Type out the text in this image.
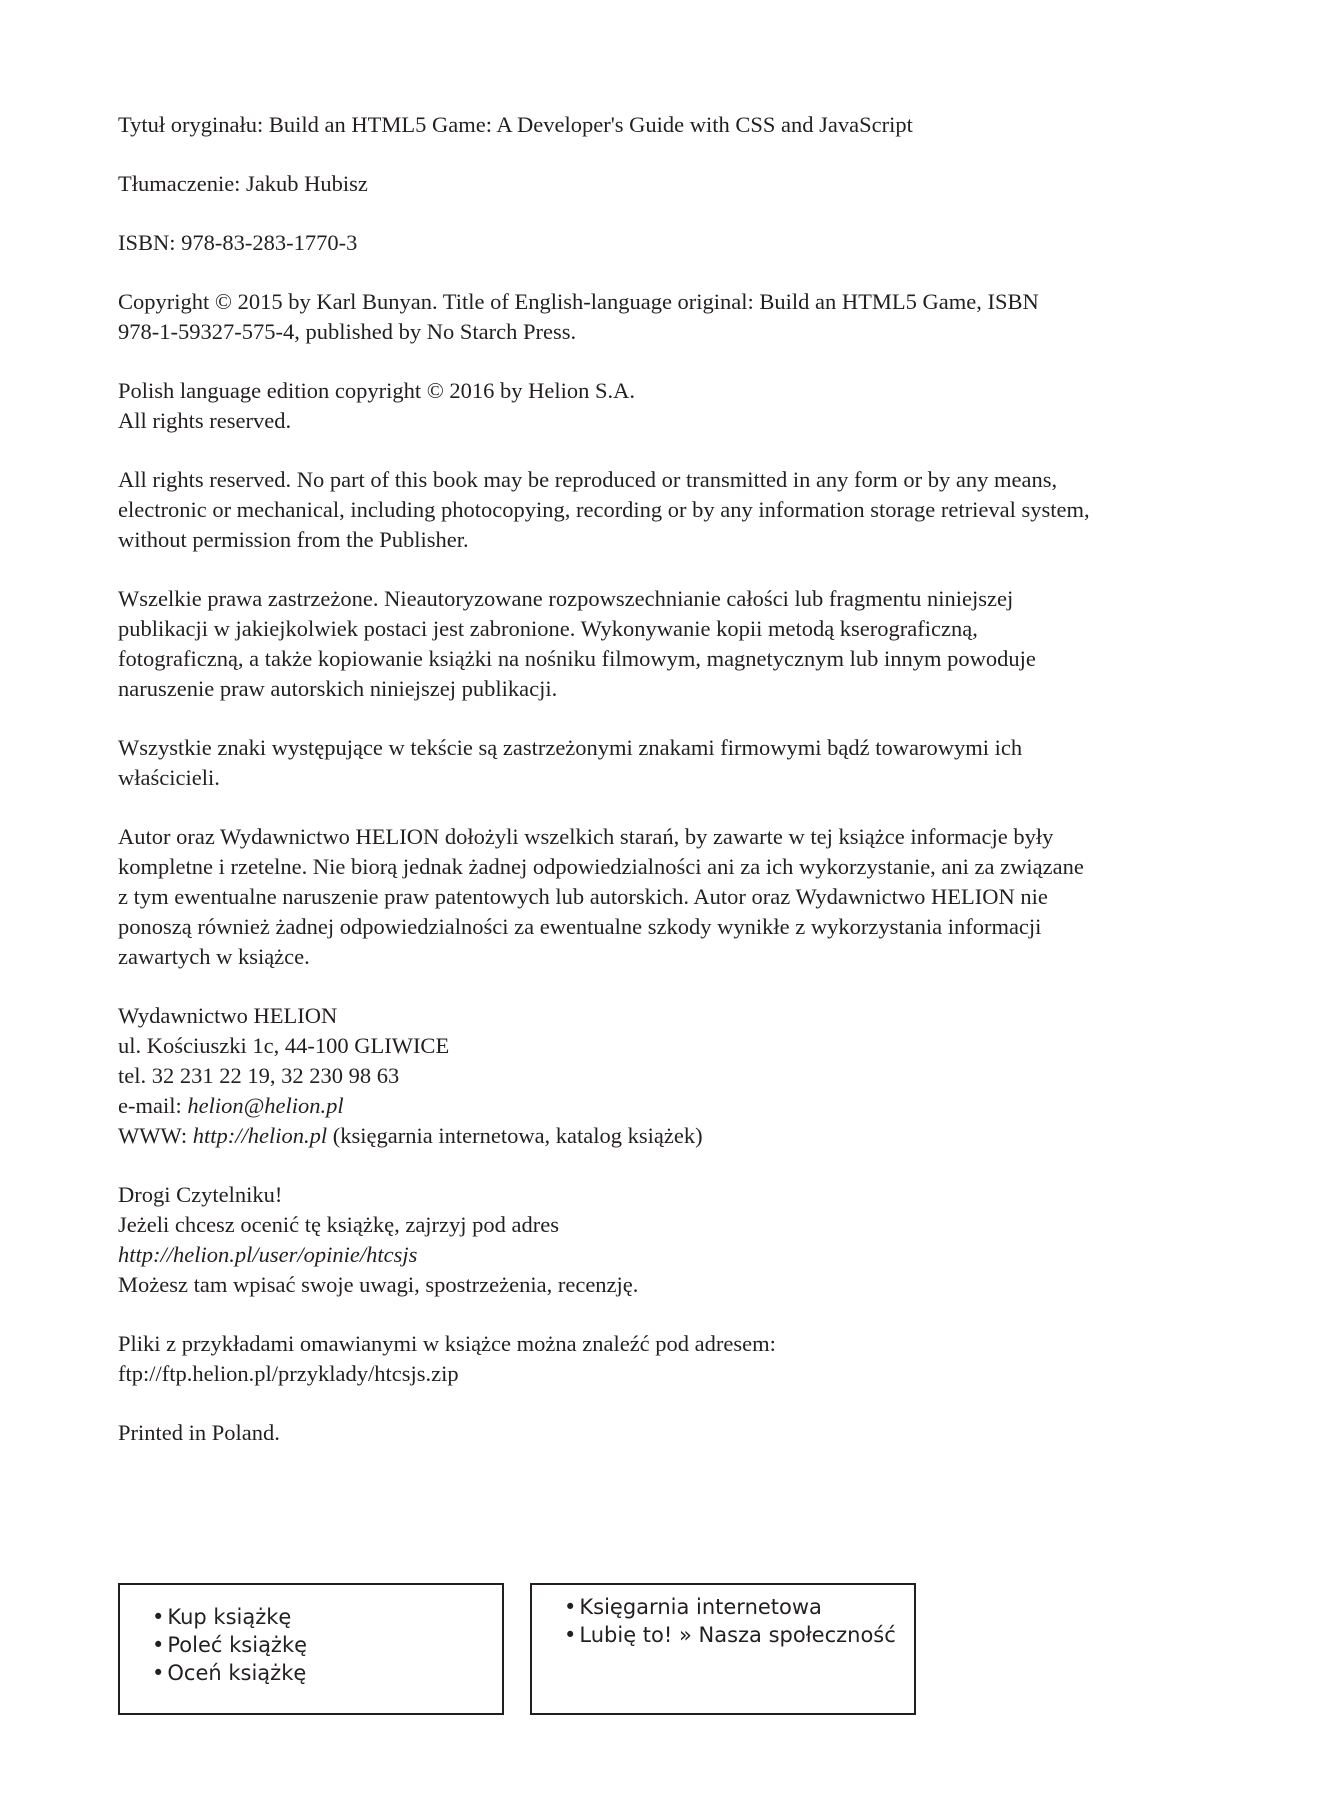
Tytuł oryginału: Build an HTML5 Game: A Developer's Guide with CSS and JavaScript
Tłumaczenie: Jakub Hubisz
ISBN: 978-83-283-1770-3
Copyright © 2015 by Karl Bunyan. Title of English-language original: Build an HTML5 Game, ISBN
978-1-59327-575-4, published by No Starch Press.
Polish language edition copyright © 2016 by Helion S.A.
All rights reserved.
All rights reserved. No part of this book may be reproduced or transmitted in any form or by any means,
electronic or mechanical, including photocopying, recording or by any information storage retrieval system,
without permission from the Publisher.
Wszelkie prawa zastrzeżone. Nieautoryzowane rozpowszechnianie całości lub fragmentu niniejszej
publikacji w jakiejkolwiek postaci jest zabronione. Wykonywanie kopii metodą kserograficzną,
fotograficzną, a także kopiowanie książki na nośniku filmowym, magnetycznym lub innym powoduje
naruszenie praw autorskich niniejszej publikacji.
Wszystkie znaki występujące w tekście są zastrzeżonymi znakami firmowymi bądź towarowymi ich
właścicieli.
Autor oraz Wydawnictwo HELION dołożyli wszelkich starań, by zawarte w tej książce informacje były
kompletne i rzetelne. Nie biorą jednak żadnej odpowiedzialności ani za ich wykorzystanie, ani za związane
z tym ewentualne naruszenie praw patentowych lub autorskich. Autor oraz Wydawnictwo HELION nie
ponoszą również żadnej odpowiedzialności za ewentualne szkody wynikłe z wykorzystania informacji
zawartych w książce.
Wydawnictwo HELION
ul. Kościuszki 1c, 44-100 GLIWICE
tel. 32 231 22 19, 32 230 98 63
e-mail: helion@helion.pl
WWW: http://helion.pl (księgarnia internetowa, katalog książek)
Drogi Czytelniku!
Jeżeli chcesz ocenić tę książkę, zajrzyj pod adres
http://helion.pl/user/opinie/htcsjs
Możesz tam wpisać swoje uwagi, spostrzeżenia, recenzję.
Pliki z przykładami omawianymi w książce można znaleźć pod adresem:
ftp://ftp.helion.pl/przyklady/htcsjs.zip
Printed in Poland.
• Kup książkę
• Poleć książkę
• Oceń książkę
• Księgarnia internetowa
• Lubię to! » Nasza społeczność
